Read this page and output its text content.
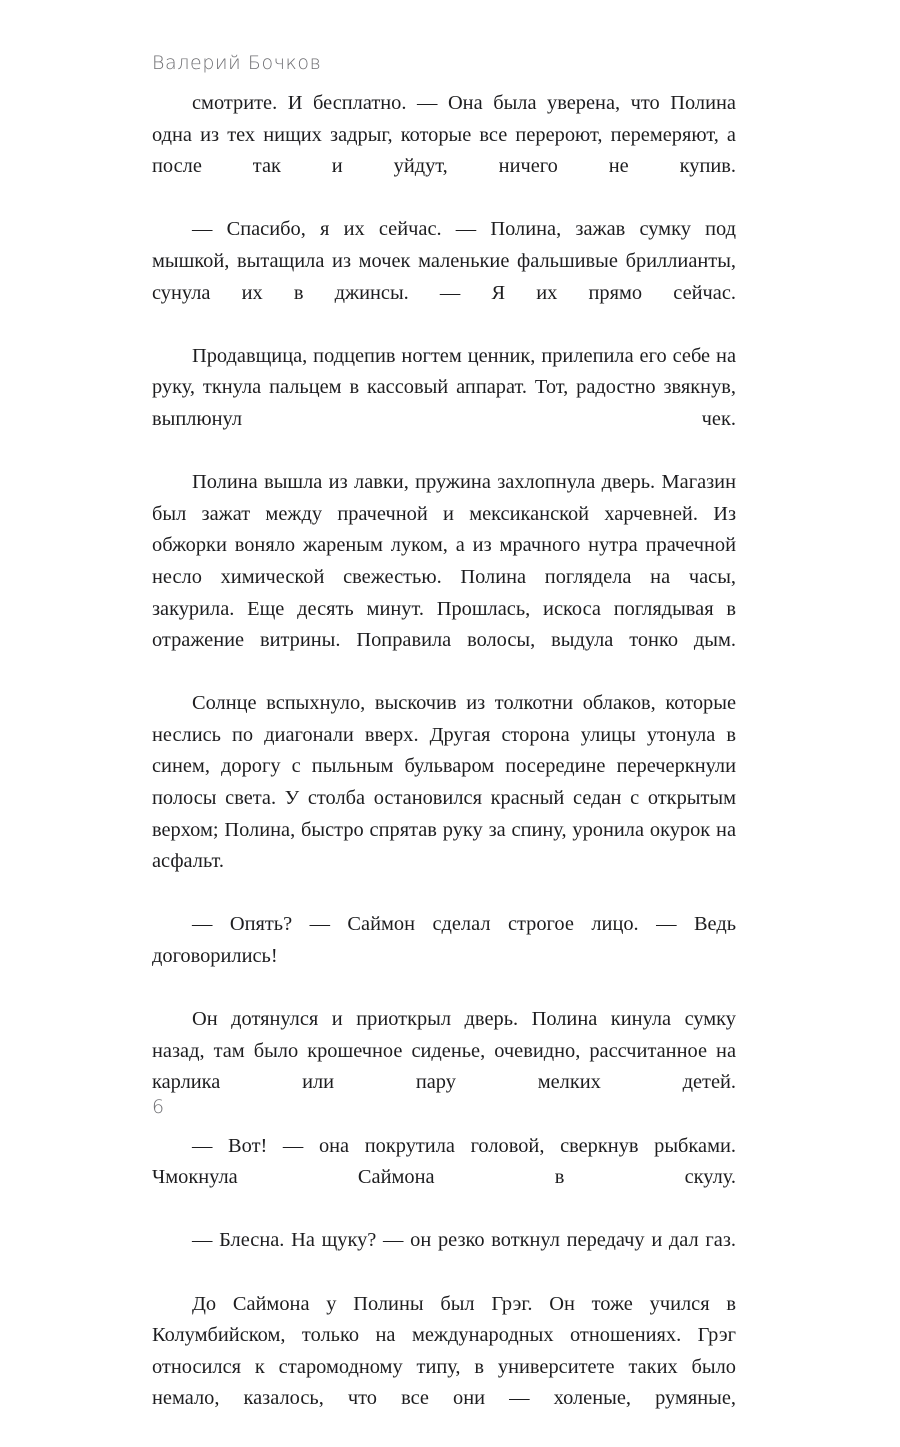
Валерий Бочков

смотрите. И бесплатно. — Она была уверена, что Полина одна из тех нищих задрыг, которые все перероют, перемеряют, а после так и уйдут, ничего не купив.

— Спасибо, я их сейчас. — Полина, зажав сумку под мышкой, вытащила из мочек маленькие фальшивые бриллианты, сунула их в джинсы. — Я их прямо сейчас.

Продавщица, подцепив ногтем ценник, прилепила его себе на руку, ткнула пальцем в кассовый аппарат. Тот, радостно звякнув, выплюнул чек.

Полина вышла из лавки, пружина захлопнула дверь. Магазин был зажат между прачечной и мексиканской харчевней. Из обжорки воняло жареным луком, а из мрачного нутра прачечной несло химической свежестью. Полина поглядела на часы, закурила. Еще десять минут. Прошлась, искоса поглядывая в отражение витрины. Поправила волосы, выдула тонко дым.

Солнце вспыхнуло, выскочив из толкотни облаков, которые неслись по диагонали вверх. Другая сторона улицы утонула в синем, дорогу с пыльным бульваром посередине перечеркнули полосы света. У столба остановился красный седан с открытым верхом; Полина, быстро спрятав руку за спину, уронила окурок на асфальт.

— Опять? — Саймон сделал строгое лицо. — Ведь договорились!

Он дотянулся и приоткрыл дверь. Полина кинула сумку назад, там было крошечное сиденье, очевидно, рассчитанное на карлика или пару мелких детей.

— Вот! — она покрутила головой, сверкнув рыбками. Чмокнула Саймона в скулу.

— Блесна. На щуку? — он резко воткнул передачу и дал газ.

До Саймона у Полины был Грэг. Он тоже учился в Колумбийском, только на международных отношениях. Грэг относился к старомодному типу, в университете таких было немало, казалось, что все они — холеные, румяные,

6
